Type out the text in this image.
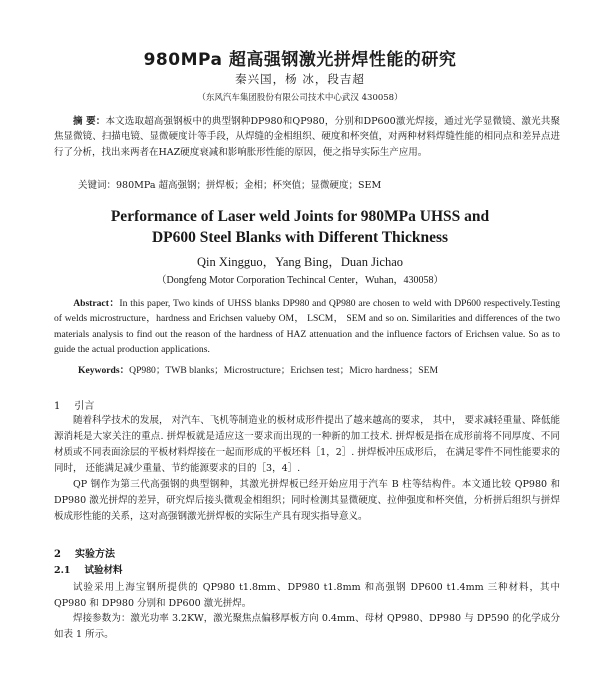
980MPa 超高强钢激光拼焊性能的研究
秦兴国，杨 冰，段吉超
（东风汽车集团股份有限公司技术中心武汉 430058）
摘 要：本文选取超高强钢板中的典型钢种DP980和QP980，分别和DP600激光焊接，通过光学显微镜、激光共聚焦显微镜、扫描电镜、显微硬度计等手段，从焊缝的金相组织、硬度和杯突值，对两种材料焊缝性能的相同点和差异点进行了分析，找出来两者在HAZ硬度衰减和影响胀形性能的原因，便之指导实际生产应用。
关键词：980MPa 超高强钢；拼焊板；金相；杯突值；显微硬度；SEM
Performance of Laser weld Joints for 980MPa UHSS and
DP600 Steel Blanks with Different Thickness
Qin Xingguo，Yang Bing，Duan Jichao
（Dongfeng Motor Corporation Techincal Center，Wuhan，430058）
Abstract：In this paper, Two kinds of UHSS blanks DP980 and QP980 are chosen to weld with DP600 respectively.Testing of welds microstructure，hardness and Erichsen valueby OM， LSCM， SEM and so on. Similarities and differences of the two materials analysis to find out the reason of the hardness of HAZ attenuation and the influence factors of Erichsen value. So as to guide the actual production applications.
Keywords：QP980；TWB blanks；Microstructure；Erichsen test；Micro hardness；SEM
1 引言

随着科学技术的发展， 对汽车、飞机等制造业的板材成形件提出了越来越高的要求， 其中， 要求减轻重量、降低能源消耗是大家关注的重点. 拼焊板就是适应这一要求而出现的一种新的加工技术. 拼焊板是指在成形前将不同厚度、不同材质或不同表面涂层的平板材料焊接在一起而形成的平板坯料［1，2］. 拼焊板冲压成形后， 在满足零件不同性能要求的同时， 还能满足减少重量、节约能源要求的目的［3，4］.

QP 钢作为第三代高强钢的典型钢种，其激光拼焊板已经开始应用于汽车 B 柱等结构件。本文通比较 QP980 和 DP980 激光拼焊的差异，研究焊后接头微观金相组织；同时检测其显微硬度、拉伸强度和杯突值，分析拼后组织与拼焊板成形性能的关系，这对高强钢激光拼焊板的实际生产具有现实指导意义。

2 实验方法
2.1 试验材料

试验采用上海宝钢所提供的 QP980 t1.8mm、DP980 t1.8mm 和高强钢 DP600 t1.4mm 三种材料，其中 QP980 和 DP980 分别和 DP600 激光拼焊。

焊接参数为：激光功率 3.2KW，激光聚焦点偏移厚板方向 0.4mm、母材 QP980、DP980 与 DP590 的化学成分如表 1 所示。
